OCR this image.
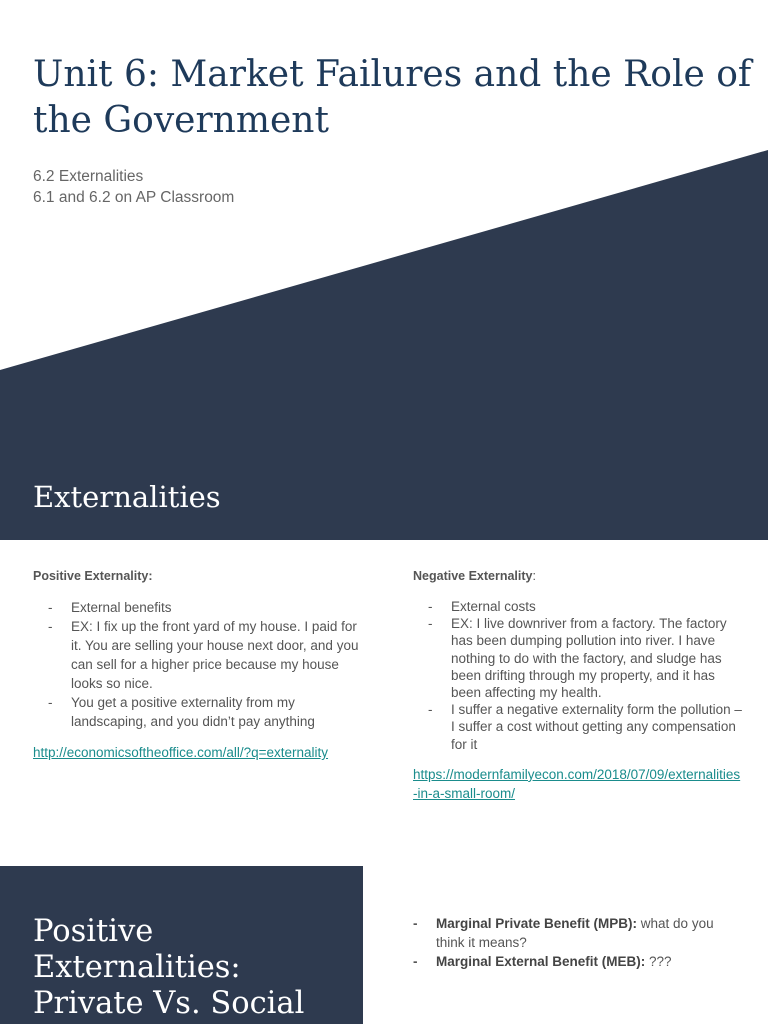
Unit 6: Market Failures and the Role of the Government
6.2 Externalities
6.1 and 6.2 on AP Classroom
Externalities
Positive Externality:
- External benefits
- EX: I fix up the front yard of my house. I paid for it. You are selling your house next door, and you can sell for a higher price because my house looks so nice.
- You get a positive externality from my landscaping, and you didn’t pay anything
http://economicsoftheoffice.com/all/?q=externality
Negative Externality:
- External costs
- EX: I live downriver from a factory. The factory has been dumping pollution into river. I have nothing to do with the factory, and sludge has been drifting through my property, and it has been affecting my health.
- I suffer a negative externality form the pollution – I suffer a cost without getting any compensation for it
https://modernfamilyecon.com/2018/07/09/externalities-in-a-small-room/
Positive Externalities: Private Vs. Social
- Marginal Private Benefit (MPB): what do you think it means?
- Marginal External Benefit (MEB): ???
